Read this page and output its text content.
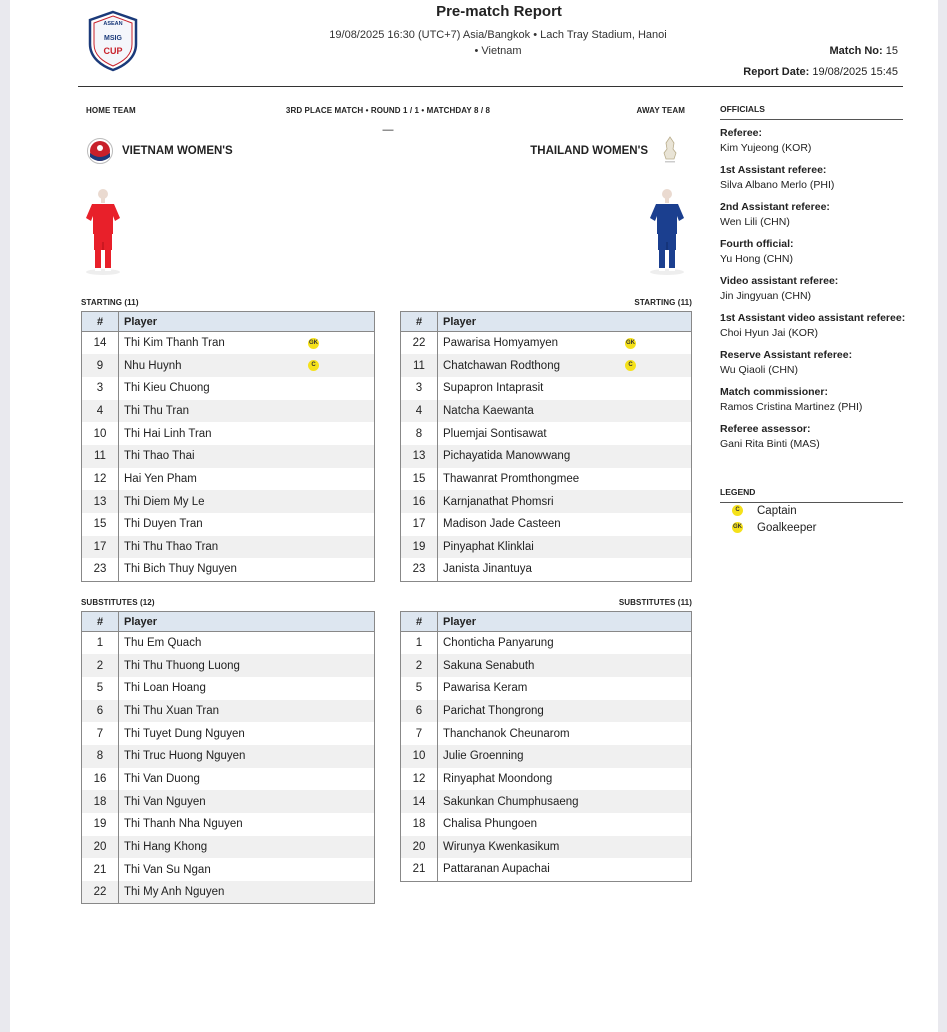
ASEAN
MSIG
CUP
Pre-match Report
19/08/2025 16:30 (UTC+7) Asia/Bangkok • Lach Tray Stadium, Hanoi
• Vietnam	Match No: 15
Report Date: 19/08/2025 15:45
HOME TEAM	3RD PLACE MATCH • ROUND 1 / 1 • MATCHDAY 8 / 8	AWAY TEAM
—
VIETNAM WOMEN'S	THAILAND WOMEN'S
STARTING (11)	STARTING (11)
#	Player
14	Thi Kim Thanh Tran GK

9	Nhu Huynh C

3	Thi Kieu Chuong
4	Thi Thu Tran
10	Thi Hai Linh Tran
11	Thi Thao Thai
12	Hai Yen Pham
13	Thi Diem My Le
15	Thi Duyen Tran
17	Thi Thu Thao Tran
23	Thi Bich Thuy Nguyen
#	Player
22	Pawarisa Homyamyen GK

11	Chatchawan Rodthong C

3	Supapron Intaprasit
4	Natcha Kaewanta
8	Pluemjai Sontisawat
13	Pichayatida Manowwang
15	Thawanrat Promthongmee
16	Karnjanathat Phomsri
17	Madison Jade Casteen
19	Pinyaphat Klinklai
23	Janista Jinantuya
SUBSTITUTES (12)	SUBSTITUTES (11)
#	Player
1	Thu Em Quach
2	Thi Thu Thuong Luong
5	Thi Loan Hoang
6	Thi Thu Xuan Tran
7	Thi Tuyet Dung Nguyen
8	Thi Truc Huong Nguyen
16	Thi Van Duong
18	Thi Van Nguyen
19	Thi Thanh Nha Nguyen
20	Thi Hang Khong
21	Thi Van Su Ngan
22	Thi My Anh Nguyen
#	Player
1	Chonticha Panyarung
2	Sakuna Senabuth
5	Pawarisa Keram
6	Parichat Thongrong
7	Thanchanok Cheunarom
10	Julie Groenning
12	Rinyaphat Moondong
14	Sakunkan Chumphusaeng
18	Chalisa Phungoen
20	Wirunya Kwenkasikum
21	Pattaranan Aupachai
OFFICIALS
Referee:
Kim Yujeong (KOR)
1st Assistant referee:
Silva Albano Merlo (PHI)
2nd Assistant referee:
Wen Lili (CHN)
Fourth official:
Yu Hong (CHN)
Video assistant referee:
Jin Jingyuan (CHN)
1st Assistant video assistant referee:
Choi Hyun Jai (KOR)
Reserve Assistant referee:
Wu Qiaoli (CHN)
Match commissioner:
Ramos Cristina Martinez (PHI)
Referee assessor:
Gani Rita Binti (MAS)
LEGEND
C Captain
GK Goalkeeper
